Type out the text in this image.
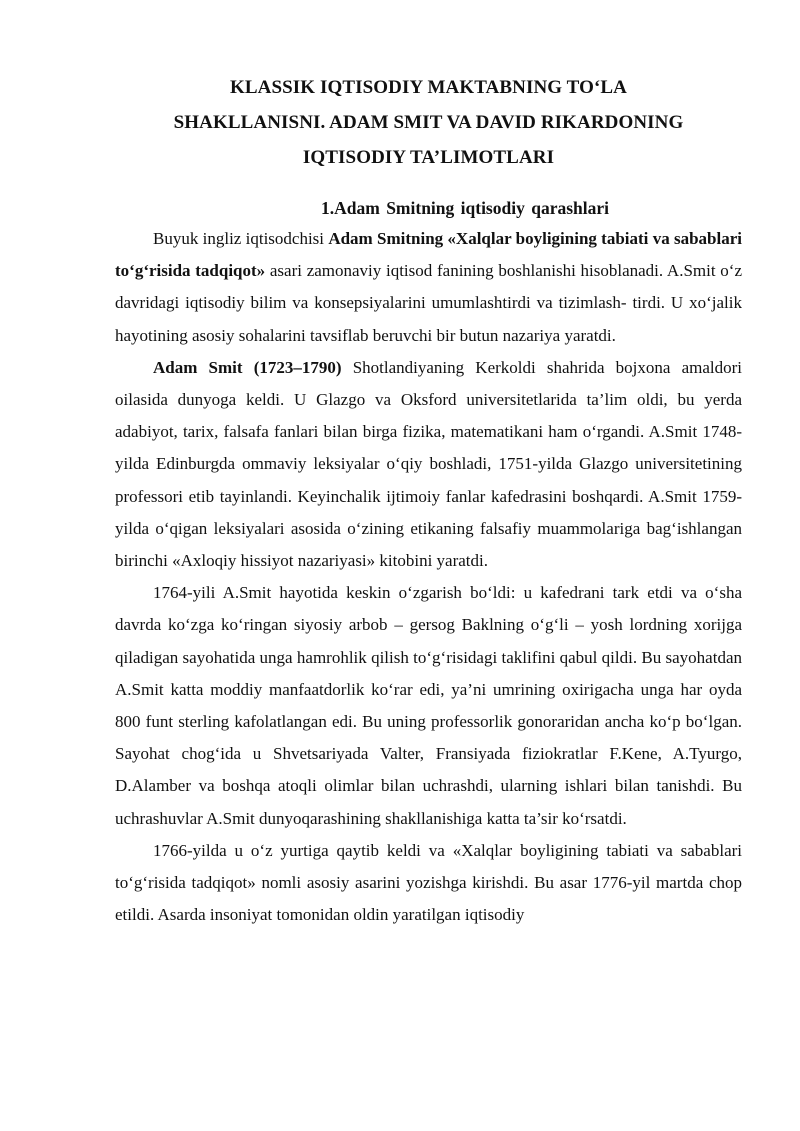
KLASSIK IQTISODIY MAKTABNING TO‘LA
SHAKLLANISNI. ADAM SMIT VA DAVID RIKARDONING
IQTISODIY TA’LIMOTLARI
1.Adam Smitning iqtisodiy qarashlari

Buyuk ingliz iqtisodchisi Adam Smitning «Xalqlar boyligining tabiati va sabablari to‘g‘risida tadqiqot» asari zamonaviy iqtisod fanining boshlanishi hisoblanadi. A.Smit o‘z davridagi iqtisodiy bilim va konsepsiyalarini umumlashtirdi va tizimlash- tirdi. U xo‘jalik hayotining asosiy sohalarini tavsiflab beruvchi bir butun nazariya yaratdi.

Adam Smit (1723–1790) Shotlandiyaning Kerkoldi shahrida bojxona amaldori oilasida dunyoga keldi. U Glazgo va Oksford universitetlarida ta’lim oldi, bu yerda adabiyot, tarix, falsafa fanlari bilan birga fizika, matematikani ham o‘rgandi. A.Smit 1748-yilda Edinburgda ommaviy leksiyalar o‘qiy boshladi, 1751-yilda Glazgo universitetining professori etib tayinlandi. Keyinchalik ijtimoiy fanlar kafedrasini boshqardi. A.Smit 1759-yilda o‘qigan leksiyalari asosida o‘zining etikaning falsafiy muammolariga bag‘ishlangan birinchi «Axloqiy hissiyot nazariyasi» kitobini yaratdi.

1764-yili A.Smit hayotida keskin o‘zgarish bo‘ldi: u kafedrani tark etdi va o‘sha davrda ko‘zga ko‘ringan siyosiy arbob – gersog Baklning o‘g‘li – yosh lordning xorijga qiladigan sayohatida unga hamrohlik qilish to‘g‘risidagi taklifini qabul qildi. Bu sayohatdan A.Smit katta moddiy manfaatdorlik ko‘rar edi, ya’ni umrining oxirigacha unga har oyda 800 funt sterling kafolatlangan edi. Bu uning professorlik gonoraridan ancha ko‘p bo‘lgan. Sayohat chog‘ida u Shvetsariyada Valter, Fransiyada fiziokratlar F.Kene, A.Tyurgo, D.Alamber va boshqa atoqli olimlar bilan uchrashdi, ularning ishlari bilan tanishdi. Bu uchrashuvlar A.Smit dunyoqarashining shakllanishiga katta ta’sir ko‘rsatdi.

1766-yilda u o‘z yurtiga qaytib keldi va «Xalqlar boyligining tabiati va sabablari to‘g‘risida tadqiqot» nomli asosiy asarini yozishga kirishdi. Bu asar 1776-yil martda chop etildi. Asarda insoniyat tomonidan oldin yaratilgan iqtisodiy
